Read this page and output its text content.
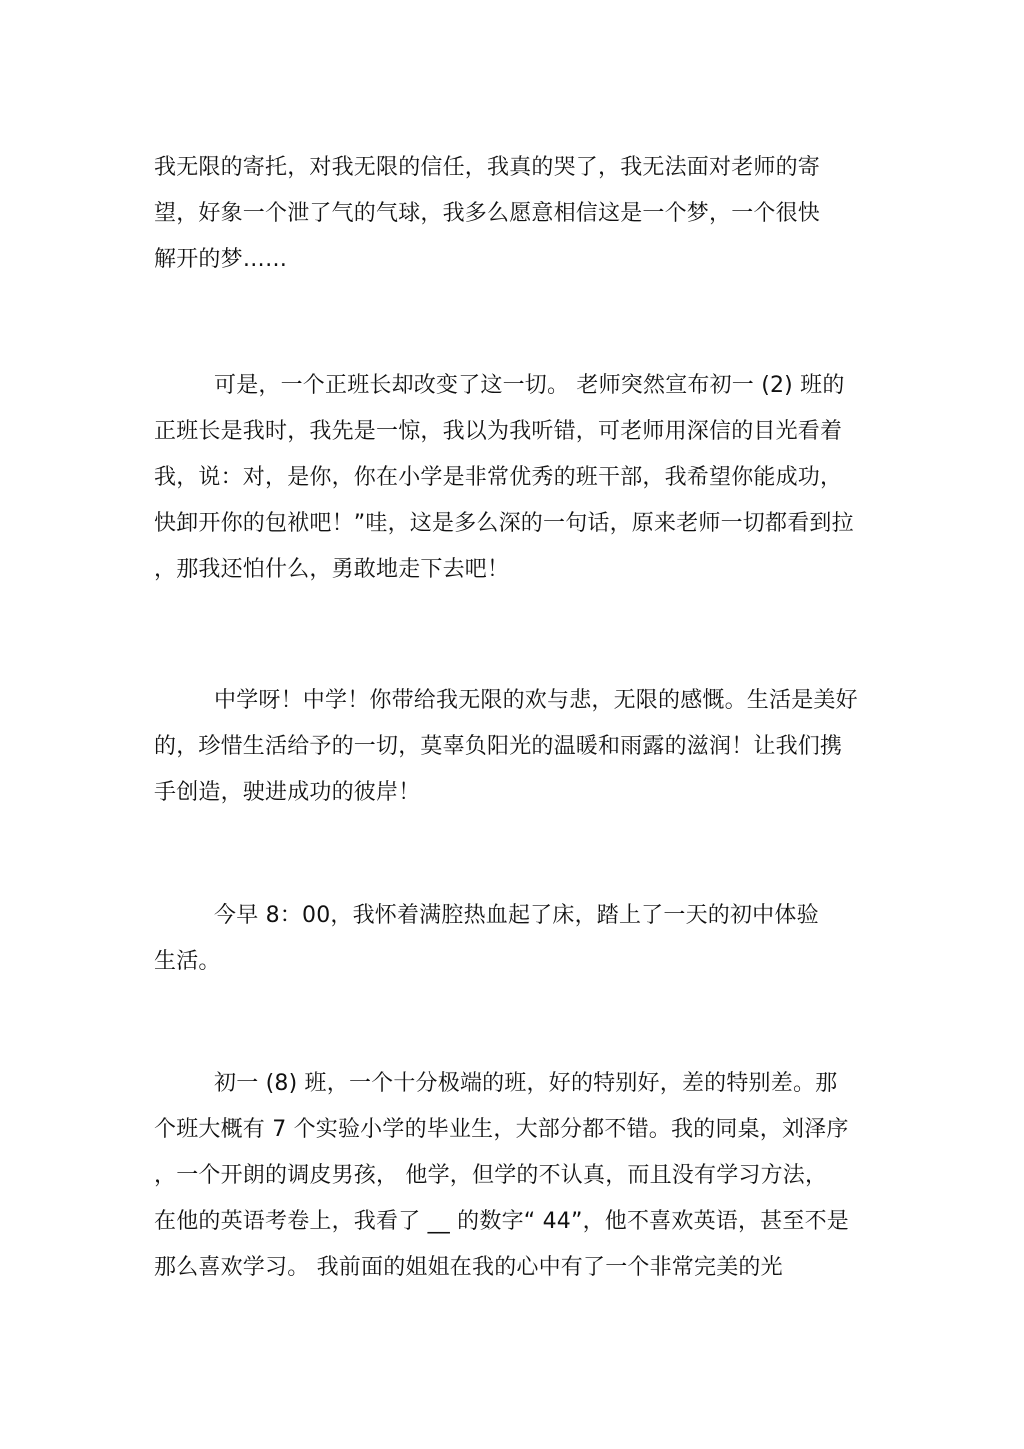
我无限的寄托，对我无限的信任，我真的哭了，我无法面对老师的寄
望，好象一个泄了气的气球，我多么愿意相信这是一个梦，一个很快
解开的梦……

可是，一个正班长却改变了这一切。 老师突然宣布初一 (2) 班的
正班长是我时，我先是一惊，我以为我听错，可老师用深信的目光看着
我，说：对，是你，你在小学是非常优秀的班干部，我希望你能成功，
快卸开你的包袱吧！”哇，这是多么深的一句话，原来老师一切都看到拉
，那我还怕什么，勇敢地走下去吧！

中学呀！中学！你带给我无限的欢与悲，无限的感慨。生活是美好
的，珍惜生活给予的一切，莫辜负阳光的温暖和雨露的滋润！让我们携
手创造，驶进成功的彼岸！

今早 8：00，我怀着满腔热血起了床，踏上了一天的初中体验
生活。

初一 (8) 班，一个十分极端的班，好的特别好，差的特别差。那
个班大概有 7 个实验小学的毕业生，大部分都不错。我的同桌，刘泽序
，一个开朗的调皮男孩， 他学，但学的不认真，而且没有学习方法，
在他的英语考卷上，我看了 __ 的数字“ 44”，他不喜欢英语，甚至不是
那么喜欢学习。 我前面的姐姐在我的心中有了一个非常完美的光
